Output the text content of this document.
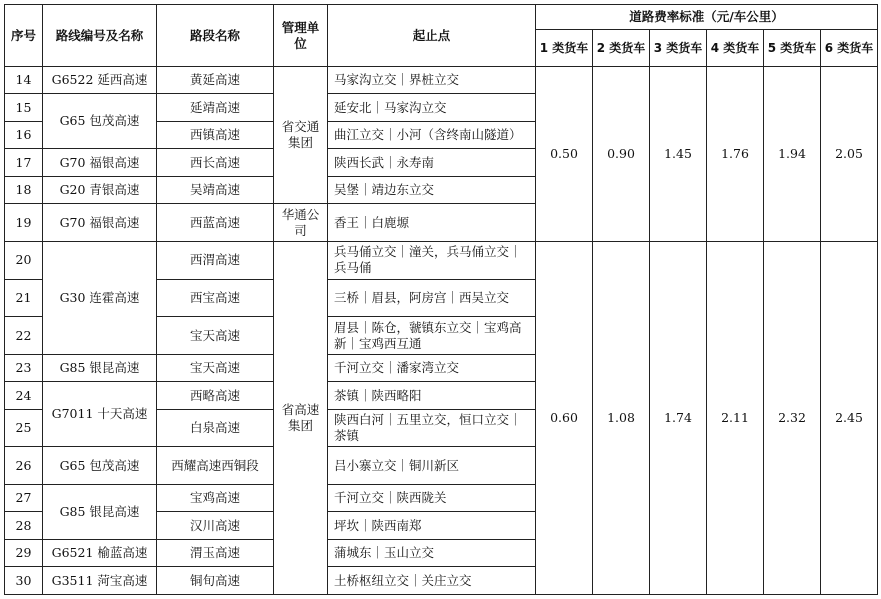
序号	路线编号及名称	路段名称	管理单位	起止点	道路费率标准（元/车公里）					
					1 类货车	2 类货车	3 类货车	4 类货车	5 类货车	6 类货车
14	G6522 延西高速	黄延高速	省交通集团	马家沟立交｜界桩立交	0.50	0.90	1.45	1.76	1.94	2.05
15	G65 包茂高速	延靖高速		延安北｜马家沟立交						
16		西镇高速		曲江立交｜小河（含终南山隧道）						
17	G70 福银高速	西长高速		陕西长武｜永寿南						
18	G20 青银高速	吴靖高速		吴堡｜靖边东立交						
19	G70 福银高速	西蓝高速	华通公司	香王｜白鹿塬						
20	G30 连霍高速	西渭高速	省高速集团	兵马俑立交｜潼关，兵马俑立交｜兵马俑	0.60	1.08	1.74	2.11	2.32	2.45
21		西宝高速		三桥｜眉县，阿房宫｜西吴立交						
22		宝天高速		眉县｜陈仓，虢镇东立交｜宝鸡高新｜宝鸡西互通						
23	G85 银昆高速	宝天高速		千河立交｜潘家湾立交						
24	G7011 十天高速	西略高速		茶镇｜陕西略阳						
25		白泉高速		陕西白河｜五里立交，恒口立交｜茶镇						
26	G65 包茂高速	西耀高速西铜段		吕小寨立交｜铜川新区						
27	G85 银昆高速	宝鸡高速		千河立交｜陕西陇关						
28		汉川高速		坪坎｜陕西南郑						
29	G6521 榆蓝高速	渭玉高速		蒲城东｜玉山立交						
30	G3511 菏宝高速	铜旬高速		土桥枢纽立交｜关庄立交						
